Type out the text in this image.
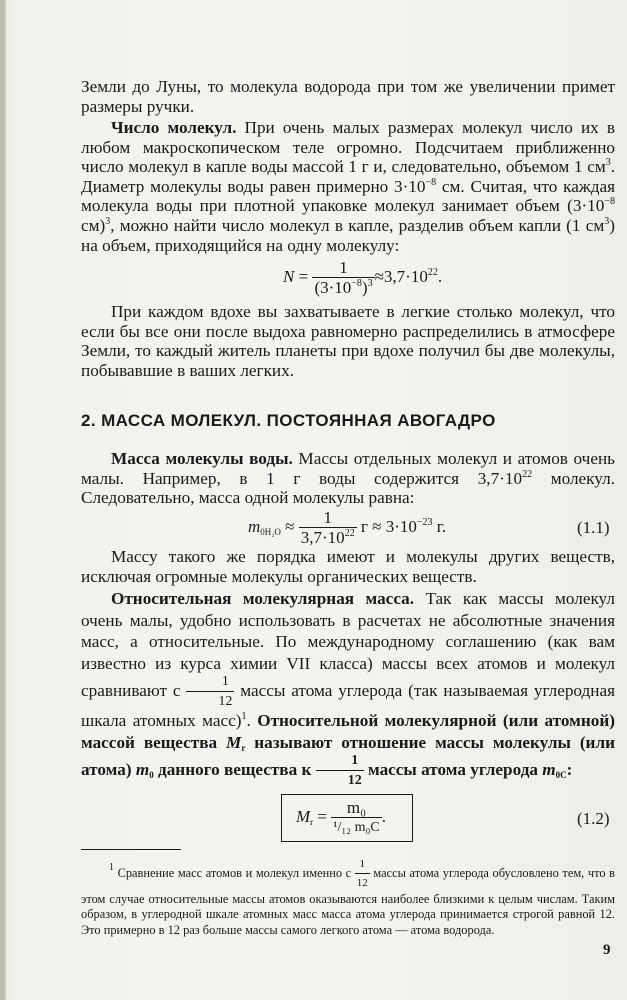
Земли до Луны, то молекула водорода при том же увеличении примет размеры ручки.

Число молекул. При очень малых размерах молекул число их в любом макроскопическом теле огромно. Подсчитаем приближенно число молекул в капле воды массой 1 г и, следовательно, объемом 1 $см^3$. Диаметр молекулы воды равен примерно $3\cdot 10^{-8}$ см. Считая, что каждая молекула воды при плотной упаковке молекул занимает объем ($3\cdot 10^{-8}$ см)$^3$, можно найти число молекул в капле, разделив объем капли (1 $см^3$) на объем, приходящийся на одну молекулу:

$N = \frac{1}{(3\cdot 10^{-8})^3} \approx 3,7\cdot 10^{22}$.

При каждом вдохе вы захватываете в легкие столько молекул, что если бы все они после выдоха равномерно распределились в атмосфере Земли, то каждый житель планеты при вдохе получил бы две молекулы, побывавшие в ваших легких.

2. МАССА МОЛЕКУЛ. ПОСТОЯННАЯ АВОГАДРО

Масса молекулы воды. Массы отдельных молекул и атомов очень малы. Например, в 1 г воды содержится $3,7\cdot 10^{22}$ молекул. Следовательно, масса одной молекулы равна:

$m_{0H_2O} \approx \frac{1}{3,7\cdot 10^{22}}$ $г \approx 3\cdot 10^{-23}$ г.	(1.1)

Массу такого же порядка имеют и молекулы других веществ, исключая огромные молекулы органических веществ.

Относительная молекулярная масса. Так как массы молекул очень малы, удобно использовать в расчетах не абсолютные значения масс, а относительные. По международному соглашению (как вам известно из курса химии VII класса) массы всех атомов и молекул сравнивают с $\frac{1}{12}$ массы атома углерода (так называемая углеродная шкала атомных масс)$^1$. Относительной молекулярной (или атомной) массой вещества $M_r$ называют отношение массы молекулы (или атома) $m_0$ данного вещества к $\frac{1}{12}$ массы атома углерода $m_{0C}$:

$M_r = \frac{\text{m₀}}{\text{¹/₁₂ m₀C}}$ .	(1.2)
$^1$ Сравнение масс атомов и молекул именно с $\frac{1}{12}$ массы атома углерода обусловлено тем, что в этом случае относительные массы атомов оказываются наиболее близкими к целым числам. Таким образом, в углеродной шкале атомных масс масса атома углерода принимается строгой равной 12. Это примерно в 12 раз больше массы самого легкого атома — атома водорода.
9
